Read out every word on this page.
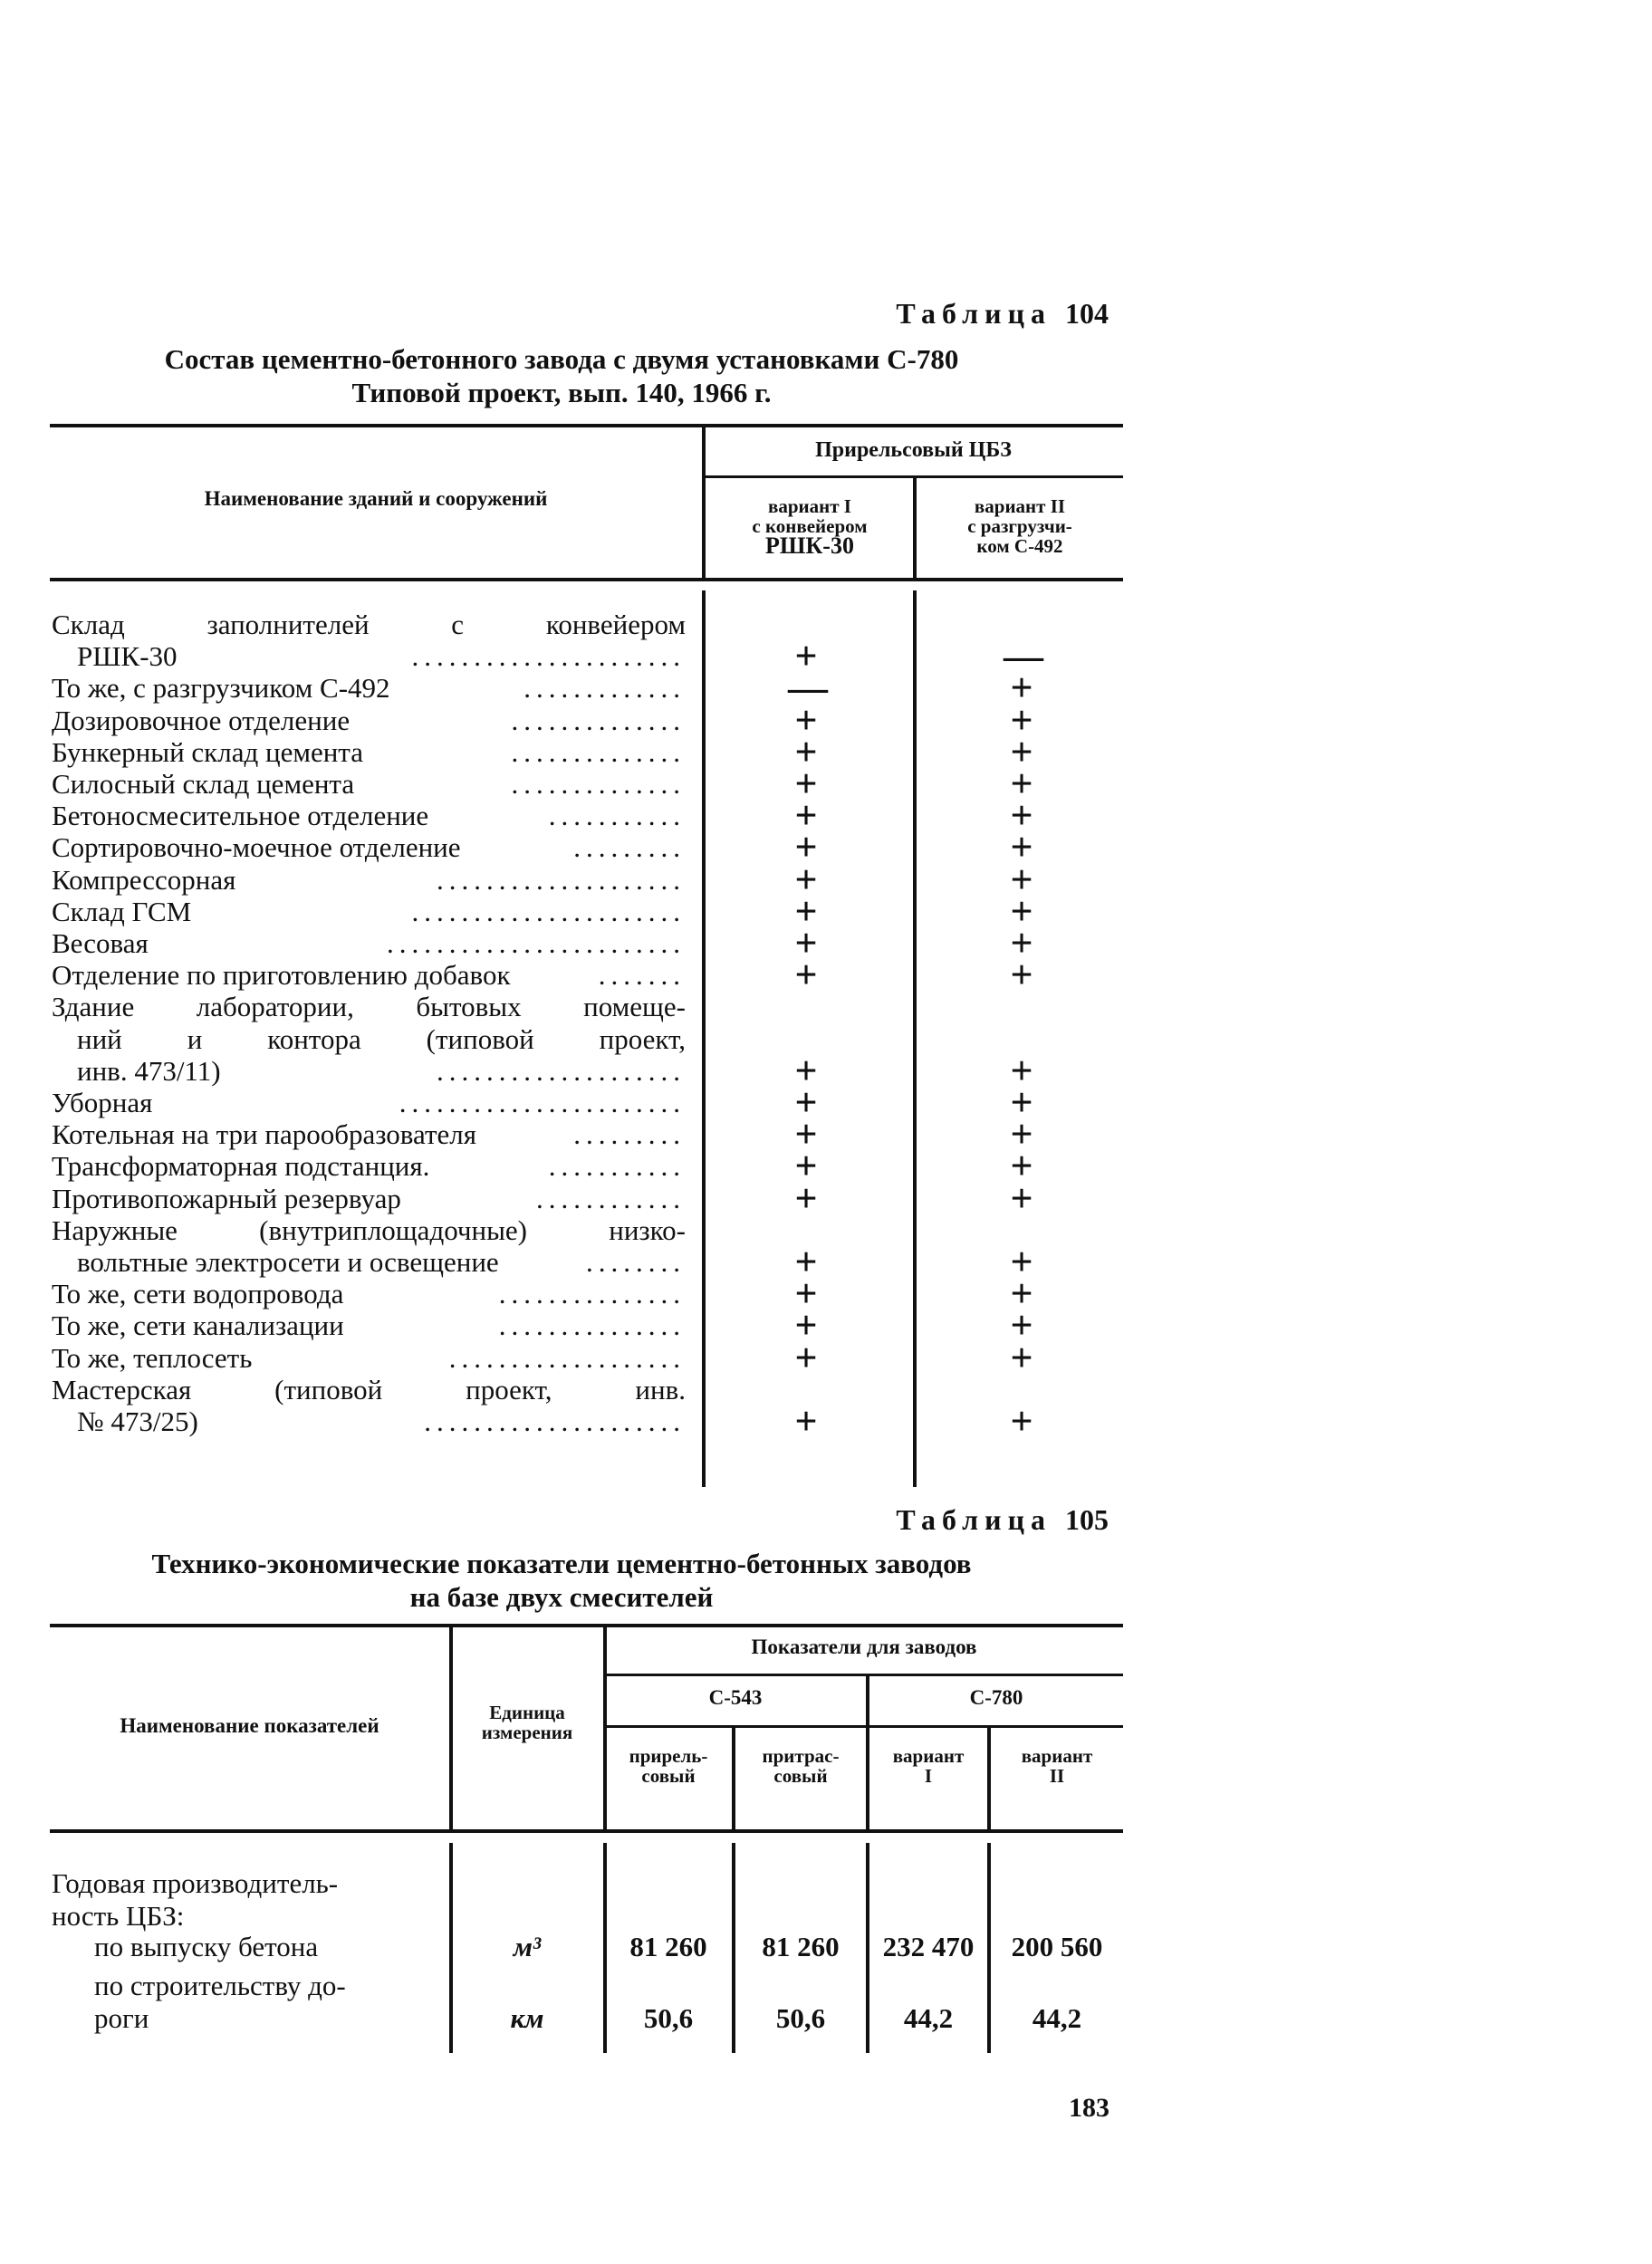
Таблица 104
Состав цементно-бетонного завода с двумя установками С-780
Типовой проект, вып. 140, 1966 г.
Наименование зданий и сооружений
Прирельсовый ЦБЗ
вариант I
с конвейером
РШК-30
вариант II
с разгрузчи-
ком С-492
Склад заполнителей с конвейером
РШК-30	......................	+	—
То же, с разгрузчиком С-492	.............	—	+
Дозировочное отделение	..............	+	+
Бункерный склад цемента	..............	+	+
Силосный склад цемента	..............	+	+
Бетоносмесительное отделение	...........	+	+
Сортировочно-моечное отделение	.........	+	+
Компрессорная	....................	+	+
Склад ГСМ	......................	+	+
Весовая	........................	+	+
Отделение по приготовлению добавок	.......	+	+
Здание лаборатории, бытовых помеще-
ний и контора (типовой проект,
инв. 473/11)	....................	+	+
Уборная	.......................	+	+
Котельная на три парообразователя	.........	+	+
Трансформаторная подстанция.	...........	+	+
Противопожарный резервуар	............	+	+
Наружные (внутриплощадочные) низко-
вольтные электросети и освещение	........	+	+
То же, сети водопровода	...............	+	+
То же, сети канализации	...............	+	+
То же, теплосеть	...................	+	+
Мастерская (типовой проект, инв.
№ 473/25)	.....................	+	+
Таблица 105
Технико-экономические показатели цементно-бетонных заводов
на базе двух смесителей
Наименование показателей
Единица
измерения
Показатели для заводов
С-543	С-780
прирель-
совый
притрас-
совый
вариант
I
вариант
II
Годовая производитель-
ность ЦБЗ:
по выпуску бетона	м³	81 260	81 260	232 470	200 560
по строительству до-
роги	км	50,6	50,6	44,2	44,2
183
